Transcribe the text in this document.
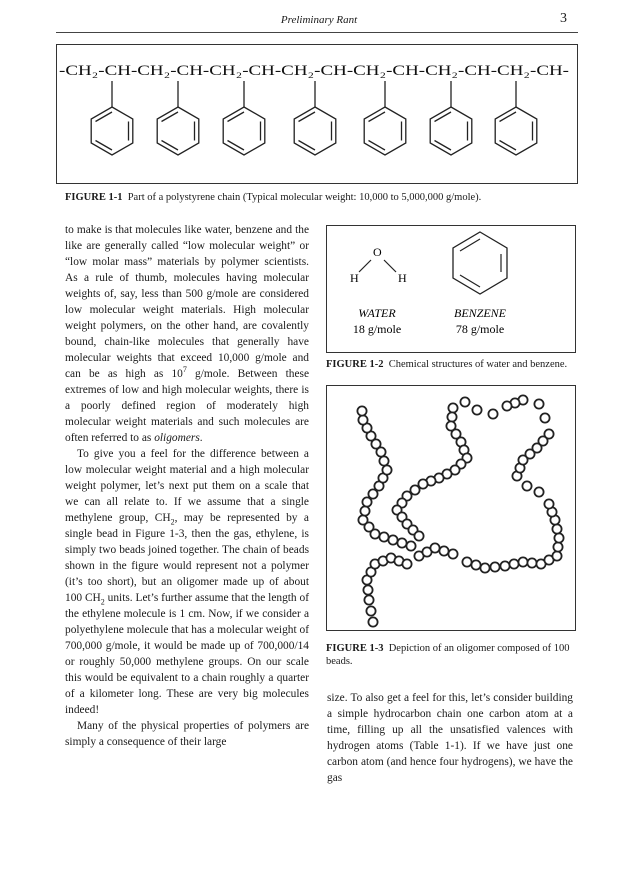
Preliminary Rant	3
-CH₂-CH-CH₂-CH-CH₂-CH-CH₂-CH-CH₂-CH-CH₂-CH-CH₂-CH-
FIGURE 1-1 Part of a polystyrene chain (Typical molecular weight: 10,000 to 5,000,000 g/mole).

to make is that molecules like water, benzene and the like are generally called “low molecular weight” or “low molar mass” materials by polymer scientists. As a rule of thumb, molecules having molecular weights of, say, less than 500 g/mole are considered low molecular weight materials. High molecular weight polymers, on the other hand, are covalently bound, chain-like molecules that generally have molecular weights that exceed 10,000 g/mole and can be as high as $10^7$ g/mole. Between these extremes of low and high molecular weights, there is a poorly defined region of moderately high molecular weight materials and such molecules are often referred to as oligomers.

To give you a feel for the difference between a low molecular weight material and a high molecular weight polymer, let’s next put them on a scale that we can all relate to. If we assume that a single methylene group, $CH_2$, may be represented by a single bead in Figure 1-3, then the gas, ethylene, is simply two beads joined together. The chain of beads shown in the figure would represent not a polymer (it’s too short), but an oligomer made up of about 100 $CH_2$ units. Let’s further assume that the length of the ethylene molecule is 1 cm. Now, if we consider a polyethylene molecule that has a molecular weight of 700,000 g/mole, it would be made up of 700,000/14 or roughly 50,000 methylene groups. On our scale this would be equivalent to a chain roughly a quarter of a kilometer long. These are very big molecules indeed!

Many of the physical properties of polymers are simply a consequence of their large

O
H	H
WATER
18 g/mole
BENZENE
78 g/mole
FIGURE 1-2 Chemical structures of water and benzene.
FIGURE 1-3 Depiction of an oligomer composed of 100 beads.
size. To also get a feel for this, let’s consider building a simple hydrocarbon chain one carbon atom at a time, filling up all the unsatisfied valences with hydrogen atoms (Table 1-1). If we have just one carbon atom (and hence four hydrogens), we have the gas
